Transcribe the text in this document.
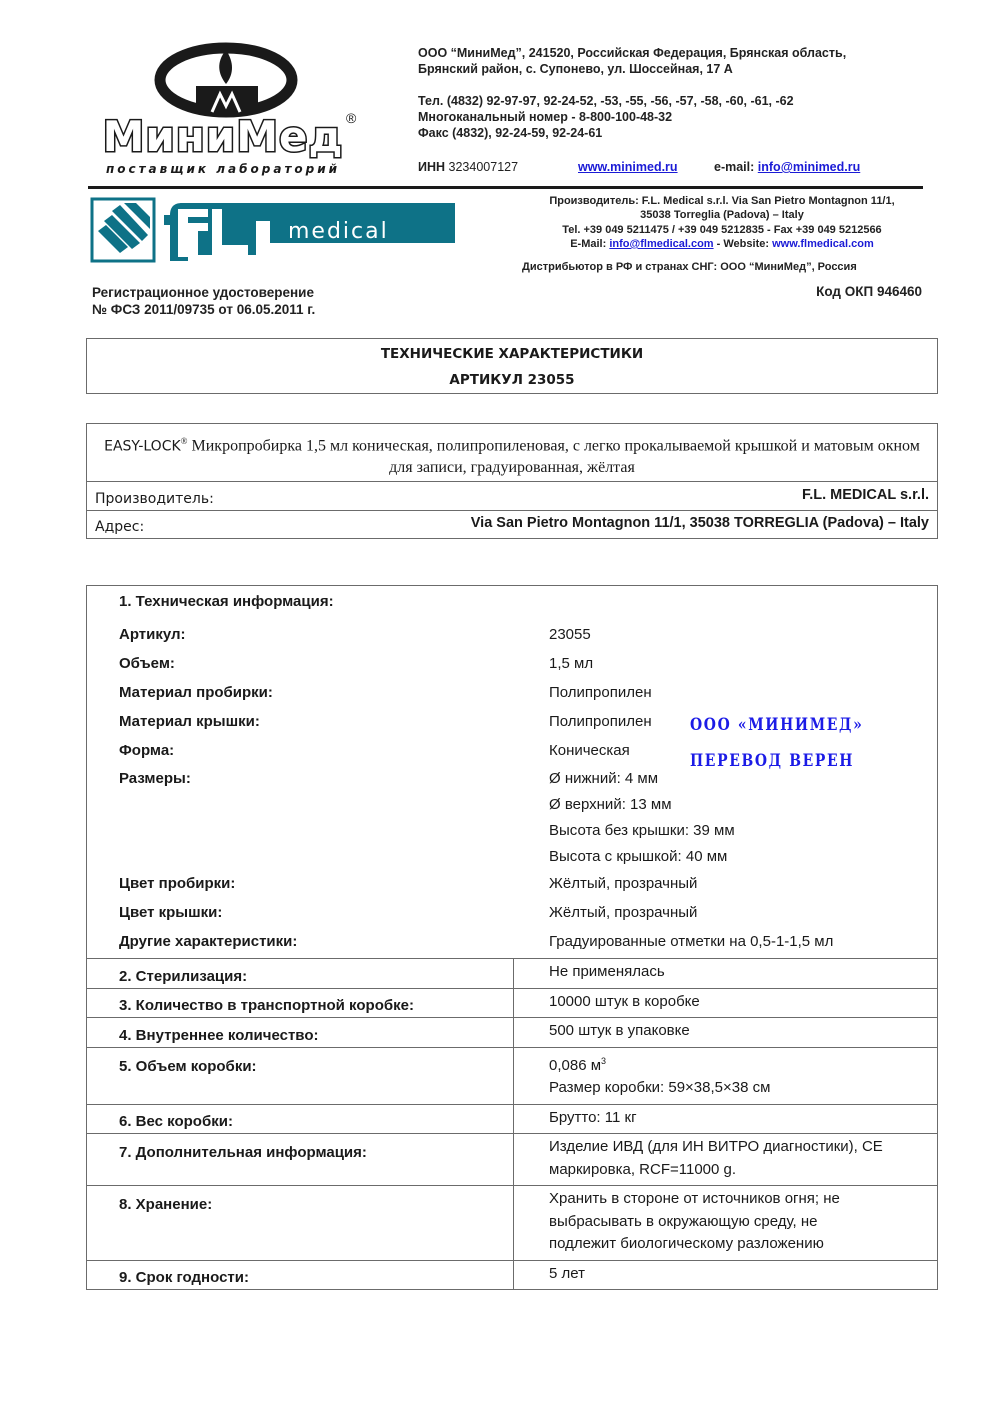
МиниМед ®
поставщик лабораторий
ООО “МиниМед”, 241520, Российская Федерация, Брянская область,
Брянский район, с. Супонево, ул. Шоссейная, 17 А
Тел. (4832) 92-97-97, 92-24-52, -53, -55, -56, -57, -58, -60, -61, -62
Многоканальный номер - 8-800-100-48-32
Факс (4832), 92-24-59, 92-24-61
ИНН 3234007127	www.minimed.ru	e-mail: info@minimed.ru
medical
Производитель: F.L. Medical s.r.l. Via San Pietro Montagnon 11/1,
35038 Torreglia (Padova) – Italy
Tel. +39 049 5211475 / +39 049 5212835 - Fax +39 049 5212566
E-Mail: info@flmedical.com - Website: www.flmedical.com
Дистрибьютор в РФ и странах СНГ: ООО “МиниМед”, Россия
Регистрационное удостоверение
№ ФСЗ 2011/09735 от 06.05.2011 г.
Код ОКП 946460
ТЕХНИЧЕСКИЕ ХАРАКТЕРИСТИКИ
АРТИКУЛ 23055
EASY-LOCK® Микропробирка 1,5 мл коническая, полипропиленовая, с легко прокалываемой крышкой и матовым окном для записи, градуированная, жёлтая
Производитель:	F.L. MEDICAL s.r.l.
Адрес:	Via San Pietro Montagnon 11/1, 35038 TORREGLIA (Padova) – Italy
1. Техническая информация:
Артикул:	23055
Объем:	1,5 мл
Материал пробирки:	Полипропилен
Материал крышки:	Полипропилен
Форма:	Коническая
Размеры:	Ø нижний: 4 мм
Ø верхний: 13 мм
Высота без крышки: 39 мм
Высота с крышкой: 40 мм
Цвет пробирки:	Жёлтый, прозрачный
Цвет крышки:	Жёлтый, прозрачный
Другие характеристики:	Градуированные отметки на 0,5-1-1,5 мл
2. Стерилизация:	Не применялась
3. Количество в транспортной коробке:	10000 штук в коробке
4. Внутреннее количество:	500 штук в упаковке
5. Объем коробки:	0,086 $м^3$
Размер коробки: 59×38,5×38 см
6. Вес коробки:	Брутто: 11 кг
7. Дополнительная информация:	Изделие ИВД (для ИН ВИТРО диагностики), CE
маркировка, RCF=11000 g.
8. Хранение:	Хранить в стороне от источников огня; не
выбрасывать в окружающую среду, не
подлежит биологическому разложению
9. Срок годности:	5 лет
ООО «МИНИМЕД»
ПЕРЕВОД ВЕРЕН
